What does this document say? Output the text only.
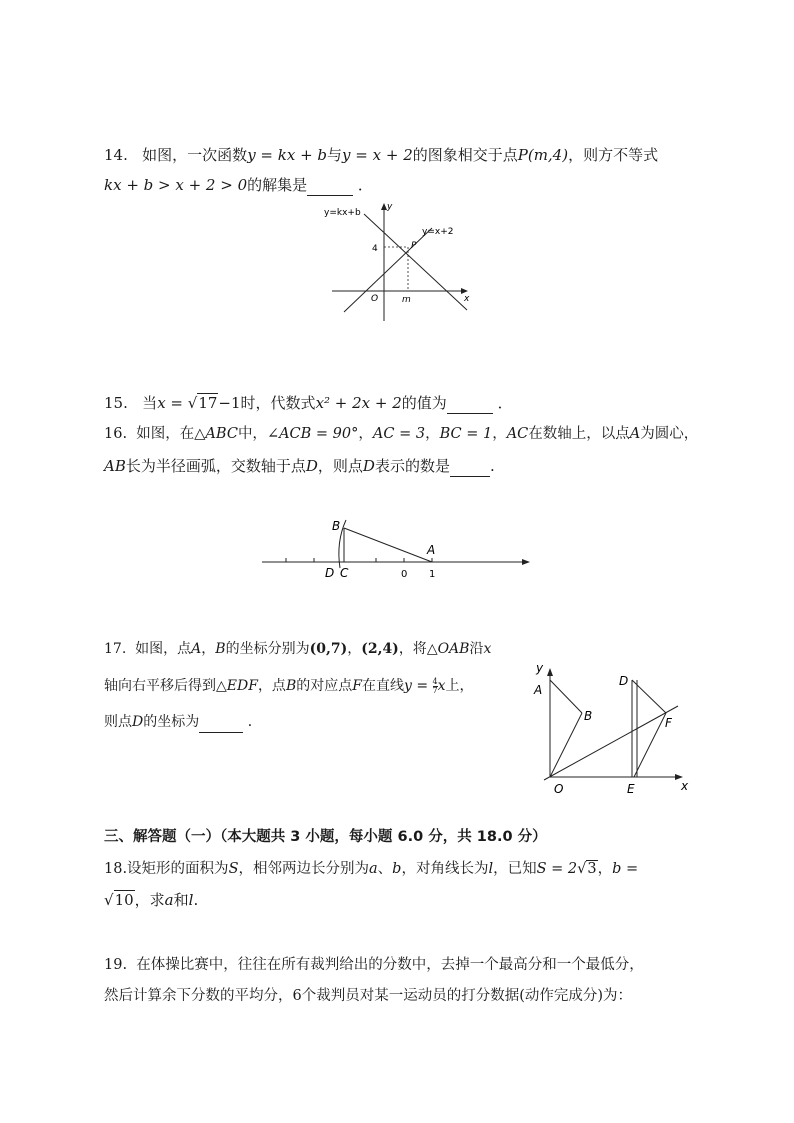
14. 如图，一次函数y = kx + b与y = x + 2的图象相交于点P(m,4)，则方不等式
kx + b > x + 2 > 0的解集是	．
y=kx+b
y=x+2
y
x
O
4
m
P
15. 当x = √17−1时，代数式x² + 2x + 2的值为	．
16. 如图，在△ABC中，∠ACB = 90°，AC = 3，BC = 1，AC在数轴上，以点A为圆心，
AB长为半径画弧，交数轴于点D，则点D表示的数是	.
B
A
D C	0 1
17. 如图，点A，B的坐标分别为(0,7)，(2,4)，将△OAB沿x
轴向右平移后得到△EDF，点B的对应点F在直线$y = \frac{4}{7}$ x上，
则点D的坐标为	．
y
x
A
B
D
F
O	E
三、解答题（一）（本大题共 3 小题，每小题 6.0 分，共 18.0 分）
18.设矩形的面积为S，相邻两边长分别为a、b，对角线长为l，已知S = 2√3，b =
√10，求a和l.
19. 在体操比赛中，往往在所有裁判给出的分数中，去掉一个最高分和一个最低分，
然后计算余下分数的平均分，6个裁判员对某一运动员的打分数据(动作完成分)为：
